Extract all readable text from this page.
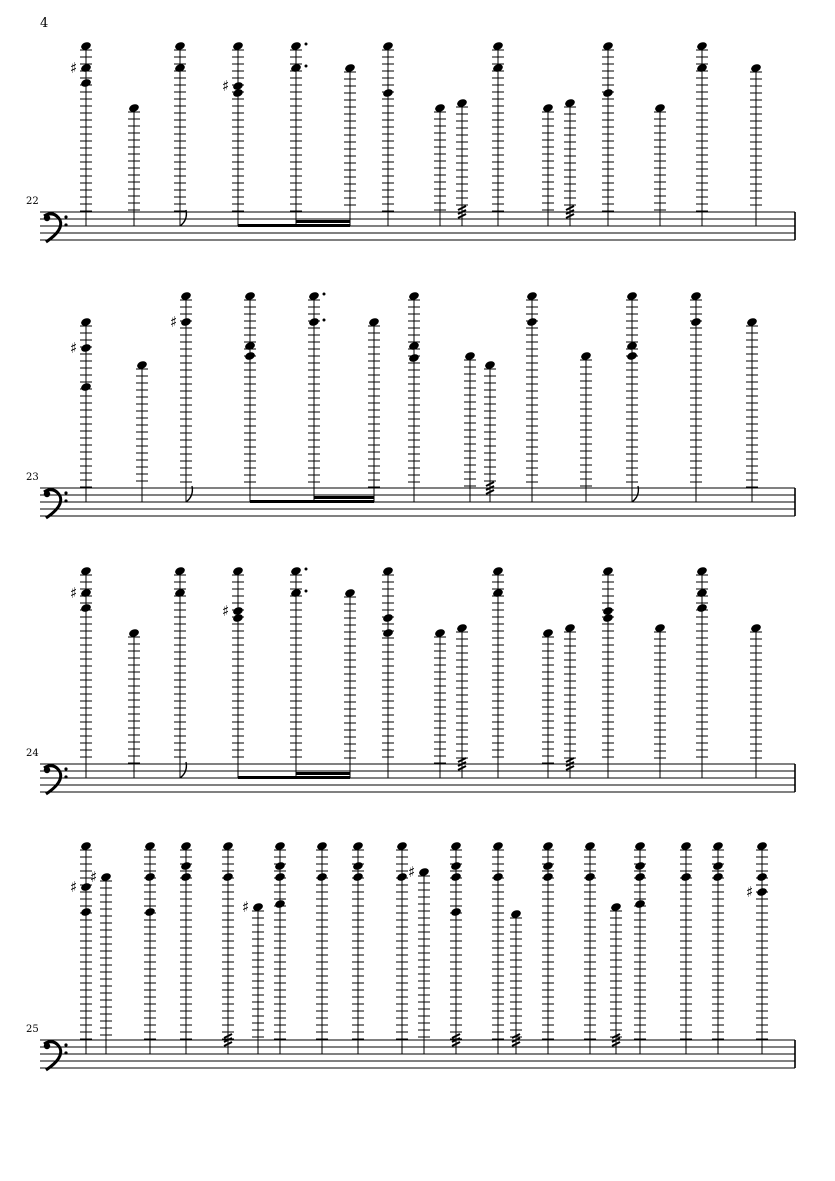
4
22
♯
♯
23
♯
♯
24
♯
♯
25
♯
♯
♯
♯
♯
